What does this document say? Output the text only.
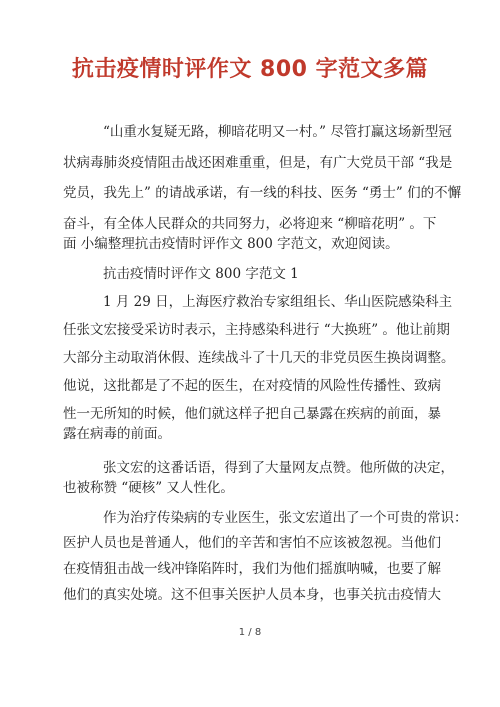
抗击疫情时评作文 800 字范文多篇
“山重水复疑无路，柳暗花明又一村。” 尽管打赢这场新型冠
状病毒肺炎疫情阻击战还困难重重，但是，有广大党员干部 “我是
党员，我先上” 的请战承诺，有一线的科技、医务 “勇士” 们的不懈
奋斗，有全体人民群众的共同努力，必将迎来 “柳暗花明” 。下
面 小编整理抗击疫情时评作文 800 字范文，欢迎阅读。
抗击疫情时评作文 800 字范文 1
1 月 29 日，上海医疗救治专家组组长、华山医院感染科主
任张文宏接受采访时表示，主持感染科进行 “大换班” 。他让前期
大部分主动取消休假、连续战斗了十几天的非党员医生换岗调整。
他说，这批都是了不起的医生，在对疫情的风险性传播性、致病
性一无所知的时候，他们就这样子把自己暴露在疾病的前面，暴
露在病毒的前面。
张文宏的这番话语，得到了大量网友点赞。他所做的决定，
也被称赞 “硬核” 又人性化。
作为治疗传染病的专业医生，张文宏道出了一个可贵的常识：
医护人员也是普通人，他们的辛苦和害怕不应该被忽视。当他们
在疫情狙击战一线冲锋陷阵时，我们为他们摇旗呐喊，也要了解
他们的真实处境。这不但事关医护人员本身，也事关抗击疫情大
1 / 8
